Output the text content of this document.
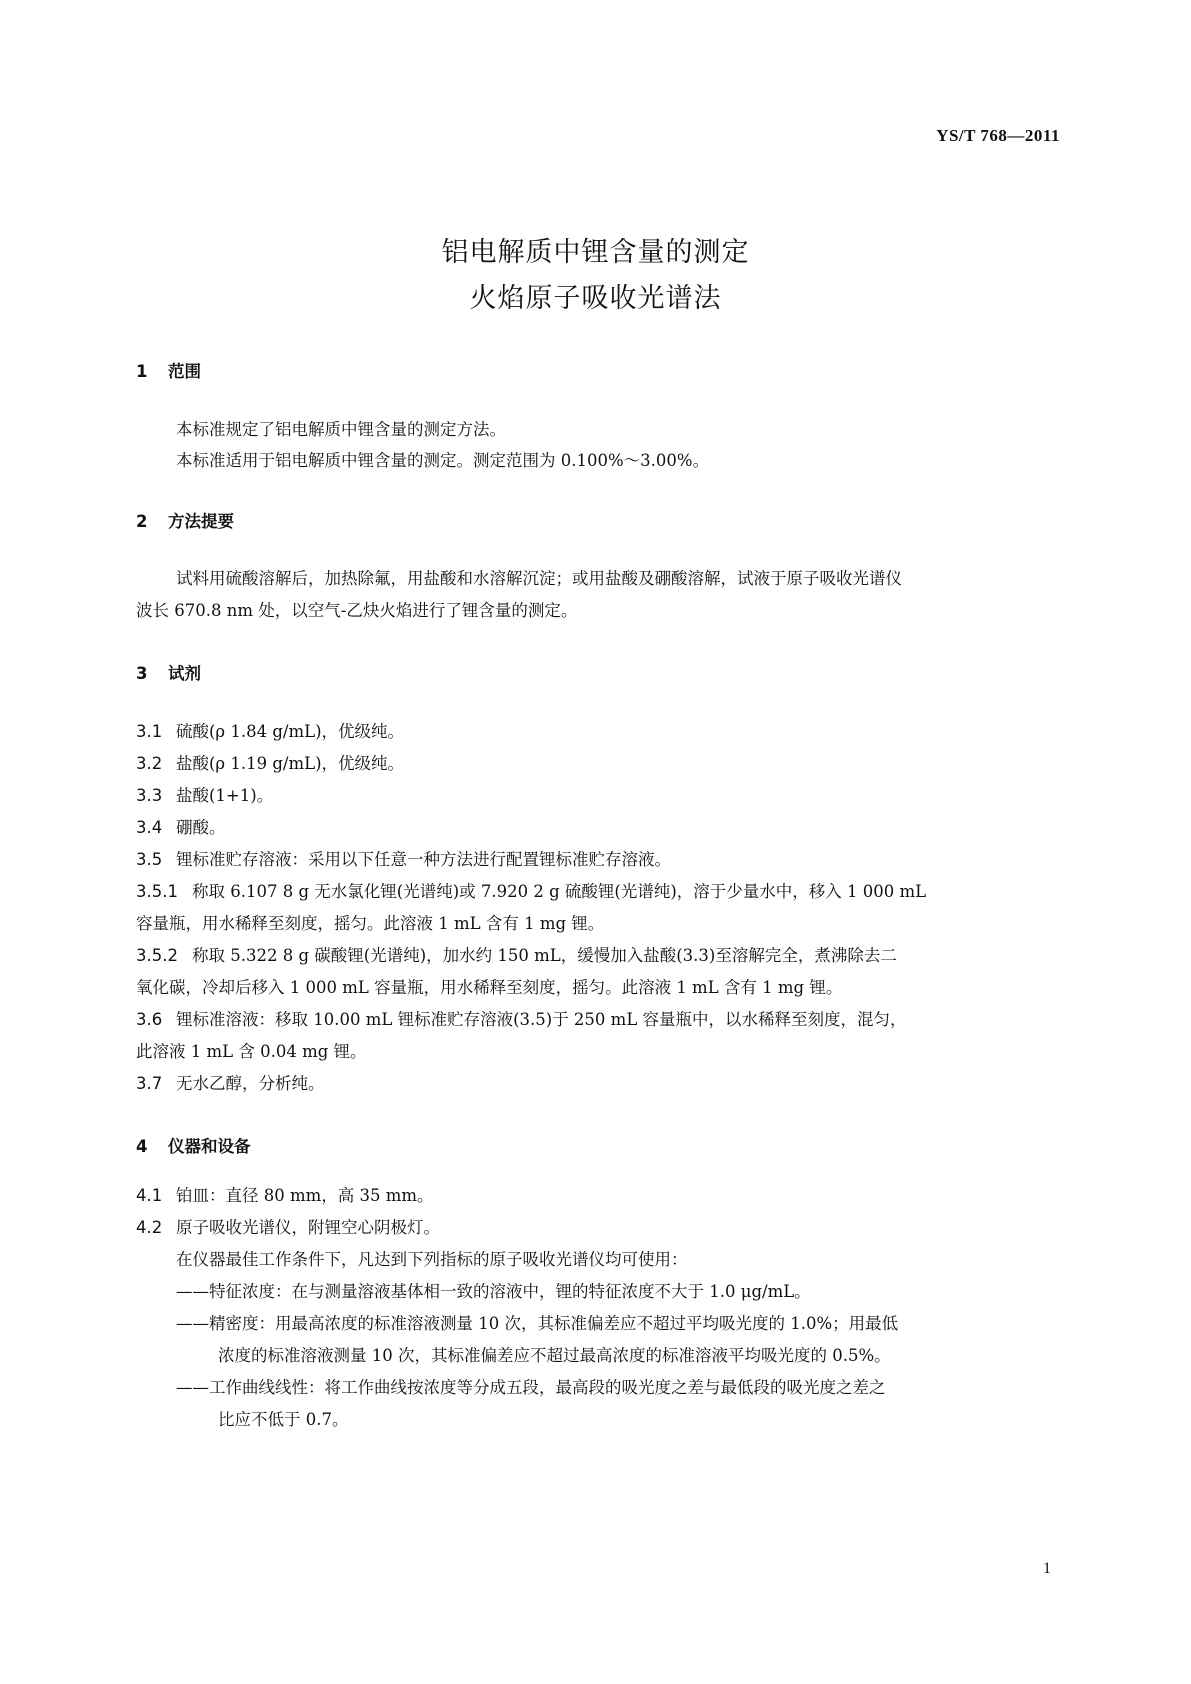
YS/T 768—2011
铝电解质中锂含量的测定
火焰原子吸收光谱法
1 范围
本标准规定了铝电解质中锂含量的测定方法。
本标准适用于铝电解质中锂含量的测定。测定范围为 0.100%～3.00%。
2 方法提要
试料用硫酸溶解后，加热除氟，用盐酸和水溶解沉淀；或用盐酸及硼酸溶解，试液于原子吸收光谱仪
波长 670.8 nm 处，以空气-乙炔火焰进行了锂含量的测定。
3 试剂
3.1 硫酸(ρ 1.84 g/mL)，优级纯。
3.2 盐酸(ρ 1.19 g/mL)，优级纯。
3.3 盐酸(1+1)。
3.4 硼酸。
3.5 锂标准贮存溶液：采用以下任意一种方法进行配置锂标准贮存溶液。
3.5.1 称取 6.107 8 g 无水氯化锂(光谱纯)或 7.920 2 g 硫酸锂(光谱纯)，溶于少量水中，移入 1 000 mL
容量瓶，用水稀释至刻度，摇匀。此溶液 1 mL 含有 1 mg 锂。
3.5.2 称取 5.322 8 g 碳酸锂(光谱纯)，加水约 150 mL，缓慢加入盐酸(3.3)至溶解完全，煮沸除去二
氧化碳，冷却后移入 1 000 mL 容量瓶，用水稀释至刻度，摇匀。此溶液 1 mL 含有 1 mg 锂。
3.6 锂标准溶液：移取 10.00 mL 锂标准贮存溶液(3.5)于 250 mL 容量瓶中，以水稀释至刻度，混匀，
此溶液 1 mL 含 0.04 mg 锂。
3.7 无水乙醇，分析纯。
4 仪器和设备
4.1 铂皿：直径 80 mm，高 35 mm。
4.2 原子吸收光谱仪，附锂空心阴极灯。
在仪器最佳工作条件下，凡达到下列指标的原子吸收光谱仪均可使用：
——特征浓度：在与测量溶液基体相一致的溶液中，锂的特征浓度不大于 1.0 μg/mL。
——精密度：用最高浓度的标准溶液测量 10 次，其标准偏差应不超过平均吸光度的 1.0%；用最低
浓度的标准溶液测量 10 次，其标准偏差应不超过最高浓度的标准溶液平均吸光度的 0.5%。
——工作曲线线性：将工作曲线按浓度等分成五段，最高段的吸光度之差与最低段的吸光度之差之
比应不低于 0.7。
1
